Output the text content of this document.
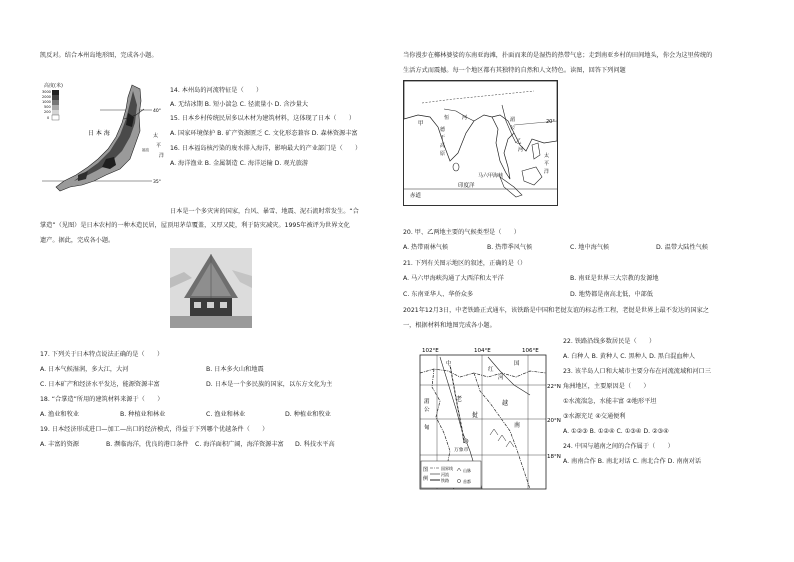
凯反对。结合本州岛地形图，完成各小题。
高度(米)
3000
2000
1000
500
200
0
40°
35°
日 本 海	太
平
洋
福岛
14. 本州岛的河流特征是（　　）
A. 无结冰期 B. 短小湍急 C. 径流量小 D. 含沙量大
15. 日本乡村传统民居多以木材为建筑材料，这体现了日本（　　）
A. 国家环境保护 B. 矿产资源匮乏 C. 文化形态兼容 D. 森林资源丰富
16. 日本福岛核污染的废水排入海洋，影响最大的产业部门是（　　）
A. 海洋渔业 B. 金属制造 C. 海洋运输 D. 观光旅游
日本是一个多灾害的国家，台风、暴雪、地震、泥石流时常发生。“合
掌造”（见图）是日本农村的一种木造民居，屋顶用茅草覆盖，又厚又陡，利于防灾减灾。1995年被评为世界文化
遗产。据此，完成各小题。
17. 下列关于日本特点说法正确的是（　　）
A. 日本气候湿润，多大江，大河	B. 日本多火山和地震
C. 日本矿产和经济水平发达，能源资源丰富	D. 日本是一个多民族的国家，以东方文化为主
18. “合掌造”所用的建筑材料来源于（　　）
A. 渔业和牧业	B. 种植业和林业	C. 渔业和林业	D. 种植业和牧业
19. 日本经济形成进口—加工—出口的经济模式，得益于下列哪个优越条件（　　）
A. 丰富的资源	B. 濒临海洋，优良的港口条件 C. 海洋面积广阔，海洋资源丰富 D. 科技水平高
当你漫步在椰林婆娑的东南亚海滩，扑面而来的是湿热的热带气息；走到南亚乡村的田间地头，你会为这里传统的
生活方式而震撼。每一个地区都有其独特的自然和人文特色。读图，回答下列问题
20°
甲
恒	河
德
干
高
原
乙
湄
公
河
马六甲海峡
印度洋
赤道
太
平
洋
20. 甲、乙两地主要的气候类型是（　　）
A. 热带雨林气候	B. 热带季风气候	C. 地中海气候	D. 温带大陆性气候
21. 下列有关图示地区的叙述，正确的是（）
A. 马六甲海峡沟通了大西洋和太平洋	B. 南亚是世界三大宗教的发源地
C. 东南亚华人、华侨众多	D. 地势都是南高北低，中部低
2021年12月3日，中老铁路正式通车，该铁路是中国和老挝友谊的标志性工程，老挝是世界上最不发达的国家之
一，根据材料和地图完成各小题。
102°E	104°E	106°E
22°N
20°N
18°N
中	国
红
河
越
南
甸
湄
公
老
挝
万象市
图
例
国界线
河流
铁路
山脉
首都
22. 铁路沿线多数居民是（　　）
A. 白种人 B. 黄种人 C. 黑种人 D. 黑白混血种人
23. 该半岛人口和大城市主要分布在河流流域和河口三
角洲地区，主要原因是（　　）
①水流湍急，水能丰富 ②地形平坦
③水源充足 ④交通便利
A. ①②③ B. ①②④ C. ①③④ D. ②③④
24. 中国与越南之间的合作属于（　　）
A. 南南合作 B. 南北对话 C. 南北合作 D. 南南对话
